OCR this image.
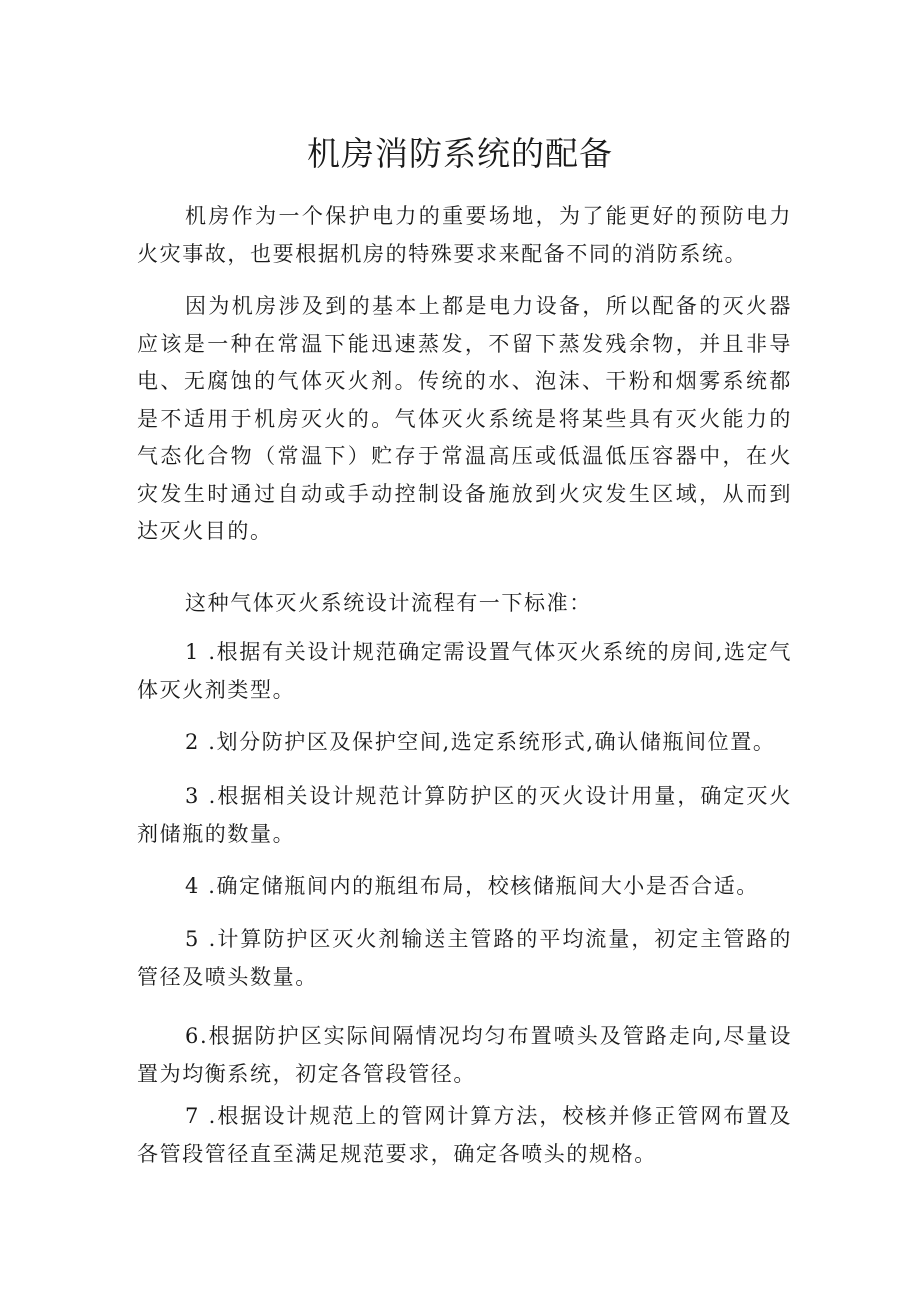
机房消防系统的配备

机房作为一个保护电力的重要场地，为了能更好的预防电力火灾事故，也要根据机房的特殊要求来配备不同的消防系统。

因为机房涉及到的基本上都是电力设备，所以配备的灭火器应该是一种在常温下能迅速蒸发，不留下蒸发残余物，并且非导电、无腐蚀的气体灭火剂。传统的水、泡沫、干粉和烟雾系统都是不适用于机房灭火的。气体灭火系统是将某些具有灭火能力的气态化合物（常温下）贮存于常温高压或低温低压容器中，在火灾发生时通过自动或手动控制设备施放到火灾发生区域，从而到达灭火目的。

这种气体灭火系统设计流程有一下标准：

1 .根据有关设计规范确定需设置气体灭火系统的房间,选定气体灭火剂类型。

2 .划分防护区及保护空间,选定系统形式,确认储瓶间位置。

3 .根据相关设计规范计算防护区的灭火设计用量，确定灭火剂储瓶的数量。

4 .确定储瓶间内的瓶组布局，校核储瓶间大小是否合适。

5 .计算防护区灭火剂输送主管路的平均流量，初定主管路的管径及喷头数量。

6.根据防护区实际间隔情况均匀布置喷头及管路走向,尽量设置为均衡系统，初定各管段管径。

7 .根据设计规范上的管网计算方法，校核并修正管网布置及各管段管径直至满足规范要求，确定各喷头的规格。
